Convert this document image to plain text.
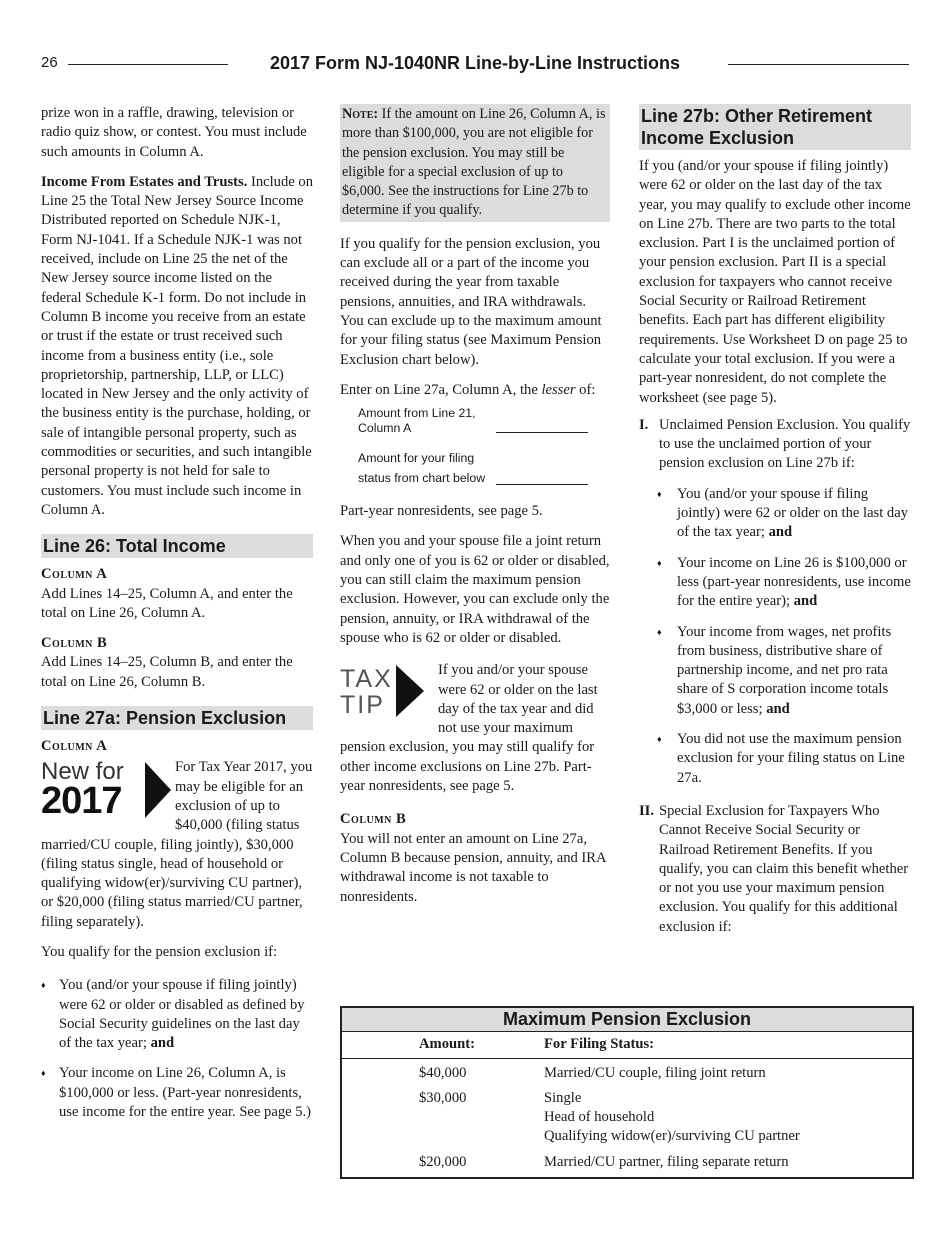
26	2017 Form NJ-1040NR Line-by-Line Instructions

prize won in a raffle, drawing, television or radio quiz show, or contest. You must include such amounts in Column A.

Income From Estates and Trusts. Include on Line 25 the Total New Jersey Source Income Distributed reported on Schedule NJK-1, Form NJ-1041. If a Schedule NJK-1 was not received, include on Line 25 the net of the New Jersey source income listed on the federal Schedule K-1 form. Do not include in Column B income you receive from an estate or trust if the estate or trust received such income from a business entity (i.e., sole proprietorship, partnership, LLP, or LLC) located in New Jersey and the only activity of the business entity is the purchase, holding, or sale of intangible personal property, such as commodities or securities, and such intangible personal property is not held for sale to customers. You must include such income in Column A.

Line 26: Total Income

Column A

Add Lines 14–25, Column A, and enter the total on Line 26, Column A.

Column B

Add Lines 14–25, Column B, and enter the total on Line 26, Column B.

Line 27a: Pension Exclusion

Column A

New for
2017

For Tax Year 2017, you may be eligible for an exclusion of up to $40,000 (filing status married/CU couple, filing jointly), $30,000 (filing status single, head of household or qualifying widow(er)/surviving CU partner), or $20,000 (filing status married/CU partner, filing separately).

You qualify for the pension exclusion if:

♦ You (and/or your spouse if filing jointly) were 62 or older or disabled as defined by Social Security guidelines on the last day of the tax year; and
♦ Your income on Line 26, Column A, is $100,000 or less. (Part-year nonresidents, use income for the entire year. See page 5.)
Note: If the amount on Line 26, Column A, is more than $100,000, you are not eligible for the pension exclusion. You may still be eligible for a special exclusion of up to $6,000. See the instructions for Line 27b to determine if you qualify.

If you qualify for the pension exclusion, you can exclude all or a part of the income you received during the year from taxable pensions, annuities, and IRA withdrawals. You can exclude up to the maximum amount for your filing status (see Maximum Pension Exclusion chart below).

Enter on Line 27a, Column A, the lesser of:

Amount from Line 21, Column A
Amount for your filing status from chart below

Part-year nonresidents, see page 5.

When you and your spouse file a joint return and only one of you is 62 or older or disabled, you can still claim the maximum pension exclusion. However, you can exclude only the pension, annuity, or IRA withdrawal of the spouse who is 62 or older or disabled.

TAX
TIP

If you and/or your spouse were 62 or older on the last day of the tax year and did not use your maximum pension exclusion, you may still qualify for other income exclusions on Line 27b. Part-year nonresidents, see page 5.

Column B

You will not enter an amount on Line 27a, Column B because pension, annuity, and IRA withdrawal income is not taxable to nonresidents.

Line 27b: Other Retirement Income Exclusion

If you (and/or your spouse if filing jointly) were 62 or older on the last day of the tax year, you may qualify to exclude other income on Line 27b. There are two parts to the total exclusion. Part I is the unclaimed portion of your pension exclusion. Part II is a special exclusion for taxpayers who cannot receive Social Security or Railroad Retirement benefits. Each part has different eligibility requirements. Use Worksheet D on page 25 to calculate your total exclusion. If you were a part-year nonresident, do not complete the worksheet (see page 5).

I. Unclaimed Pension Exclusion. You qualify to use the unclaimed portion of your pension exclusion on Line 27b if:
♦ You (and/or your spouse if filing jointly) were 62 or older on the last day of the tax year; and
♦ Your income on Line 26 is $100,000 or less (part-year nonresidents, use income for the entire year); and
♦ Your income from wages, net profits from business, distributive share of partnership income, and net pro rata share of S corporation income totals $3,000 or less; and
♦ You did not use the maximum pension exclusion for your filing status on Line 27a.
II. Special Exclusion for Taxpayers Who Cannot Receive Social Security or Railroad Retirement Benefits. If you qualify, you can claim this benefit whether or not you use your maximum pension exclusion. You qualify for this additional exclusion if:
Maximum Pension Exclusion
Amount:	For Filing Status:
$40,000	Married/CU couple, filing joint return
$30,000	Single
Head of household
Qualifying widow(er)/surviving CU partner
$20,000	Married/CU partner, filing separate return
